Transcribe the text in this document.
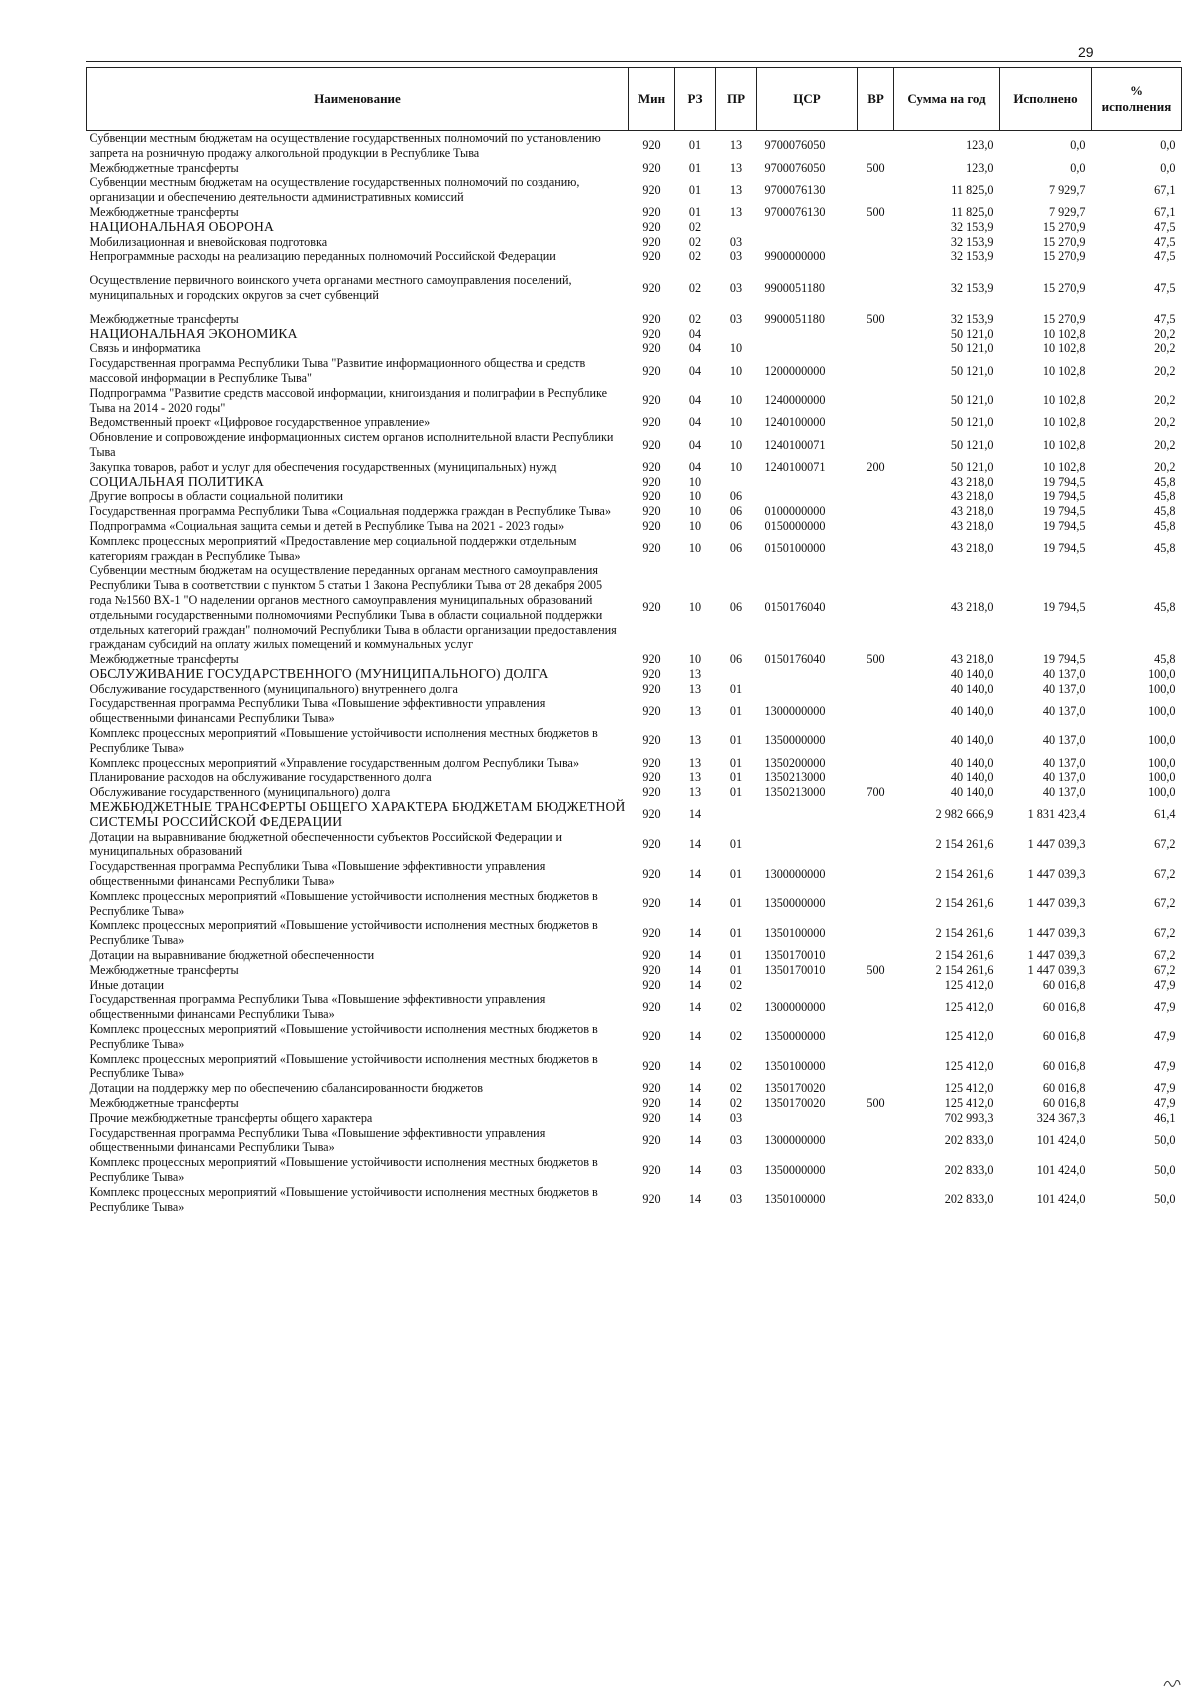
29
Наименование	Мин	РЗ	ПР	ЦСР	ВР	Сумма на год	Исполнено	% исполнения
Субвенции местным бюджетам на осуществление государственных полномочий по установлению запрета на розничную продажу алкогольной продукции в Республике Тыва	920	01	13	9700076050		123,0	0,0	0,0
Межбюджетные трансферты	920	01	13	9700076050	500	123,0	0,0	0,0
Субвенции местным бюджетам на осуществление государственных полномочий по созданию, организации и обеспечению деятельности административных комиссий	920	01	13	9700076130		11 825,0	7 929,7	67,1
Межбюджетные трансферты	920	01	13	9700076130	500	11 825,0	7 929,7	67,1
НАЦИОНАЛЬНАЯ ОБОРОНА	920	02				32 153,9	15 270,9	47,5
Мобилизационная и вневойсковая подготовка	920	02	03			32 153,9	15 270,9	47,5
Непрограммные расходы на реализацию переданных полномочий Российской Федерации	920	02	03	9900000000		32 153,9	15 270,9	47,5
Осуществление первичного воинского учета органами местного самоуправления поселений, муниципальных и городских округов за счет субвенций	920	02	03	9900051180		32 153,9	15 270,9	47,5
Межбюджетные трансферты	920	02	03	9900051180	500	32 153,9	15 270,9	47,5
НАЦИОНАЛЬНАЯ ЭКОНОМИКА	920	04				50 121,0	10 102,8	20,2
Связь и информатика	920	04	10			50 121,0	10 102,8	20,2
Государственная программа Республики Тыва "Развитие информационного общества и средств массовой информации в Республике Тыва"	920	04	10	1200000000		50 121,0	10 102,8	20,2
Подпрограмма "Развитие средств массовой информации, книгоиздания и полиграфии в Республике Тыва на 2014 - 2020 годы"	920	04	10	1240000000		50 121,0	10 102,8	20,2
Ведомственный проект «Цифровое государственное управление»	920	04	10	1240100000		50 121,0	10 102,8	20,2
Обновление и сопровождение информационных систем органов исполнительной власти Республики Тыва	920	04	10	1240100071		50 121,0	10 102,8	20,2
Закупка товаров, работ и услуг для обеспечения государственных (муниципальных) нужд	920	04	10	1240100071	200	50 121,0	10 102,8	20,2
СОЦИАЛЬНАЯ ПОЛИТИКА	920	10				43 218,0	19 794,5	45,8
Другие вопросы в области социальной политики	920	10	06			43 218,0	19 794,5	45,8
Государственная программа Республики Тыва «Социальная поддержка граждан в Республике Тыва»	920	10	06	0100000000		43 218,0	19 794,5	45,8
Подпрограмма «Социальная защита семьи и детей в Республике Тыва на 2021 - 2023 годы»	920	10	06	0150000000		43 218,0	19 794,5	45,8
Комплекс процессных мероприятий «Предоставление мер социальной поддержки отдельным категориям граждан в Республике Тыва»	920	10	06	0150100000		43 218,0	19 794,5	45,8
Субвенции местным бюджетам на осуществление переданных органам местного самоуправления Республики Тыва в соответствии с пунктом 5 статьи 1 Закона Республики Тыва от 28 декабря 2005 года №1560 ВХ-1 "О наделении органов местного самоуправления муниципальных образований отдельными государственными полномочиями Республики Тыва в области социальной поддержки отдельных категорий граждан" полномочий Республики Тыва в области организации предоставления гражданам субсидий на оплату жилых помещений и коммунальных услуг	920	10	06	0150176040		43 218,0	19 794,5	45,8
Межбюджетные трансферты	920	10	06	0150176040	500	43 218,0	19 794,5	45,8
ОБСЛУЖИВАНИЕ ГОСУДАРСТВЕННОГО (МУНИЦИПАЛЬНОГО) ДОЛГА	920	13				40 140,0	40 137,0	100,0
Обслуживание государственного (муниципального) внутреннего долга	920	13	01			40 140,0	40 137,0	100,0
Государственная программа Республики Тыва «Повышение эффективности управления общественными финансами Республики Тыва»	920	13	01	1300000000		40 140,0	40 137,0	100,0
Комплекс процессных мероприятий «Повышение устойчивости исполнения местных бюджетов в Республике Тыва»	920	13	01	1350000000		40 140,0	40 137,0	100,0
Комплекс процессных мероприятий «Управление государственным долгом Республики Тыва»	920	13	01	1350200000		40 140,0	40 137,0	100,0
Планирование расходов на обслуживание государственного долга	920	13	01	1350213000		40 140,0	40 137,0	100,0
Обслуживание государственного (муниципального) долга	920	13	01	1350213000	700	40 140,0	40 137,0	100,0
МЕЖБЮДЖЕТНЫЕ ТРАНСФЕРТЫ ОБЩЕГО ХАРАКТЕРА БЮДЖЕТАМ БЮДЖЕТНОЙ СИСТЕМЫ РОССИЙСКОЙ ФЕДЕРАЦИИ	920	14				2 982 666,9	1 831 423,4	61,4
Дотации на выравнивание бюджетной обеспеченности субъектов Российской Федерации и муниципальных образований	920	14	01			2 154 261,6	1 447 039,3	67,2
Государственная программа Республики Тыва «Повышение эффективности управления общественными финансами Республики Тыва»	920	14	01	1300000000		2 154 261,6	1 447 039,3	67,2
Комплекс процессных мероприятий «Повышение устойчивости исполнения местных бюджетов в Республике Тыва»	920	14	01	1350000000		2 154 261,6	1 447 039,3	67,2
Комплекс процессных мероприятий «Повышение устойчивости исполнения местных бюджетов в Республике Тыва»	920	14	01	1350100000		2 154 261,6	1 447 039,3	67,2
Дотации на выравнивание бюджетной обеспеченности	920	14	01	1350170010		2 154 261,6	1 447 039,3	67,2
Межбюджетные трансферты	920	14	01	1350170010	500	2 154 261,6	1 447 039,3	67,2
Иные дотации	920	14	02			125 412,0	60 016,8	47,9
Государственная программа Республики Тыва «Повышение эффективности управления общественными финансами Республики Тыва»	920	14	02	1300000000		125 412,0	60 016,8	47,9
Комплекс процессных мероприятий «Повышение устойчивости исполнения местных бюджетов в Республике Тыва»	920	14	02	1350000000		125 412,0	60 016,8	47,9
Комплекс процессных мероприятий «Повышение устойчивости исполнения местных бюджетов в Республике Тыва»	920	14	02	1350100000		125 412,0	60 016,8	47,9
Дотации на поддержку мер по обеспечению сбалансированности бюджетов	920	14	02	1350170020		125 412,0	60 016,8	47,9
Межбюджетные трансферты	920	14	02	1350170020	500	125 412,0	60 016,8	47,9
Прочие межбюджетные трансферты общего характера	920	14	03			702 993,3	324 367,3	46,1
Государственная программа Республики Тыва «Повышение эффективности управления общественными финансами Республики Тыва»	920	14	03	1300000000		202 833,0	101 424,0	50,0
Комплекс процессных мероприятий «Повышение устойчивости исполнения местных бюджетов в Республике Тыва»	920	14	03	1350000000		202 833,0	101 424,0	50,0
Комплекс процессных мероприятий «Повышение устойчивости исполнения местных бюджетов в Республике Тыва»	920	14	03	1350100000		202 833,0	101 424,0	50,0
